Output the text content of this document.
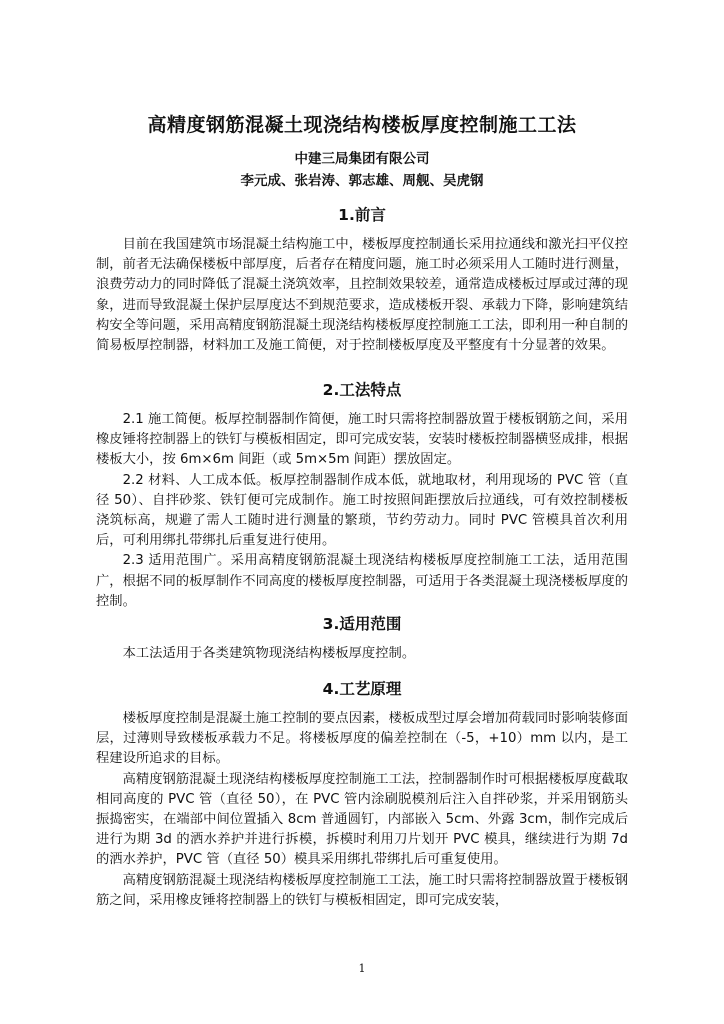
高精度钢筋混凝土现浇结构楼板厚度控制施工工法
中建三局集团有限公司
李元成、张岩涛、郭志雄、周舰、吴虎钢
1.前言

目前在我国建筑市场混凝土结构施工中，楼板厚度控制通长采用拉通线和激光扫平仪控制，前者无法确保楼板中部厚度，后者存在精度问题，施工时必须采用人工随时进行测量，浪费劳动力的同时降低了混凝土浇筑效率，且控制效果较差，通常造成楼板过厚或过薄的现象，进而导致混凝土保护层厚度达不到规范要求，造成楼板开裂、承载力下降，影响建筑结构安全等问题，采用高精度钢筋混凝土现浇结构楼板厚度控制施工工法，即利用一种自制的简易板厚控制器，材料加工及施工简便，对于控制楼板厚度及平整度有十分显著的效果。

2.工法特点

2.1 施工简便。板厚控制器制作简便，施工时只需将控制器放置于楼板钢筋之间，采用橡皮锤将控制器上的铁钉与模板相固定，即可完成安装，安装时楼板控制器横竖成排，根据楼板大小，按 6m×6m 间距（或 5m×5m 间距）摆放固定。

2.2 材料、人工成本低。板厚控制器制作成本低，就地取材，利用现场的 PVC 管（直径 50）、自拌砂浆、铁钉便可完成制作。施工时按照间距摆放后拉通线，可有效控制楼板浇筑标高，规避了需人工随时进行测量的繁琐，节约劳动力。同时 PVC 管模具首次利用后，可利用绑扎带绑扎后重复进行使用。

2.3 适用范围广。采用高精度钢筋混凝土现浇结构楼板厚度控制施工工法，适用范围广，根据不同的板厚制作不同高度的楼板厚度控制器，可适用于各类混凝土现浇楼板厚度的控制。

3.适用范围

本工法适用于各类建筑物现浇结构楼板厚度控制。

4.工艺原理

楼板厚度控制是混凝土施工控制的要点因素，楼板成型过厚会增加荷载同时影响装修面层，过薄则导致楼板承载力不足。将楼板厚度的偏差控制在（-5，+10）mm 以内，是工程建设所追求的目标。

高精度钢筋混凝土现浇结构楼板厚度控制施工工法，控制器制作时可根据楼板厚度截取相同高度的 PVC 管（直径 50），在 PVC 管内涂刷脱模剂后注入自拌砂浆，并采用钢筋头振捣密实，在端部中间位置插入 8cm 普通圆钉，内部嵌入 5cm、外露 3cm，制作完成后进行为期 3d 的洒水养护并进行拆模，拆模时利用刀片划开 PVC 模具，继续进行为期 7d 的洒水养护，PVC 管（直径 50）模具采用绑扎带绑扎后可重复使用。

高精度钢筋混凝土现浇结构楼板厚度控制施工工法，施工时只需将控制器放置于楼板钢筋之间，采用橡皮锤将控制器上的铁钉与模板相固定，即可完成安装，

1
